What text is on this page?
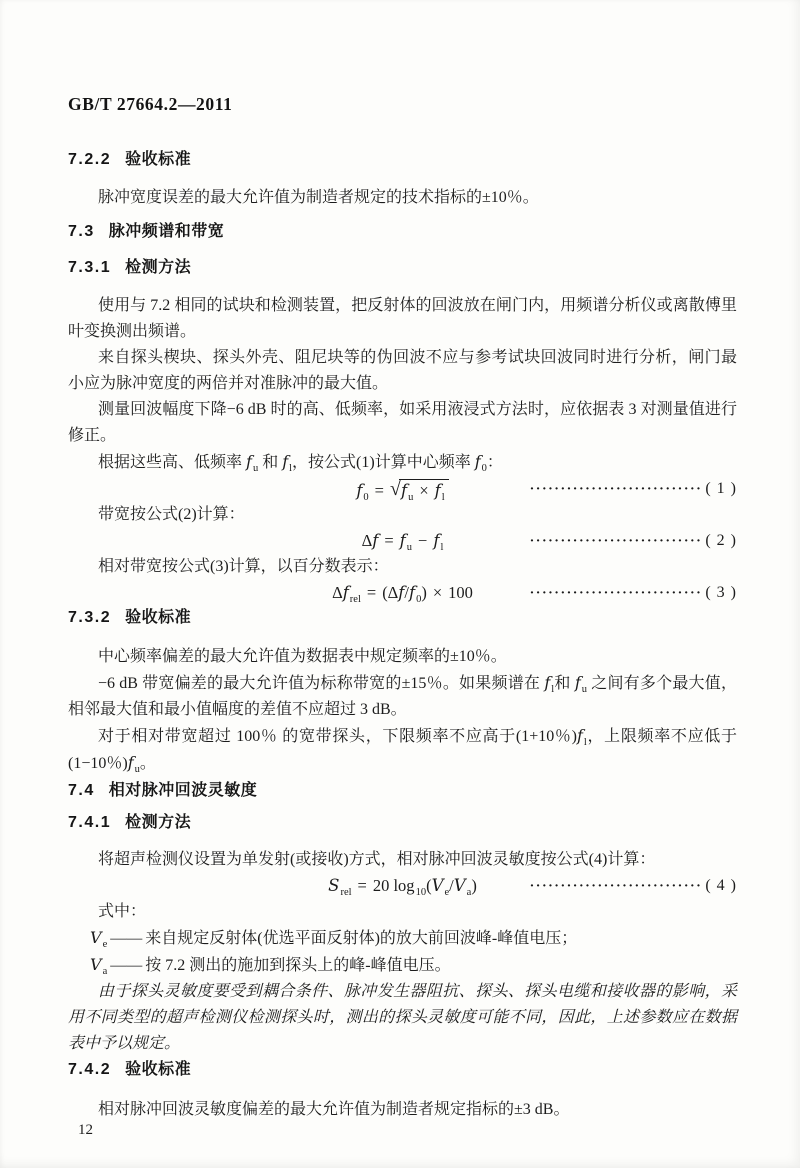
GB/T 27664.2—2011
7.2.2 验收标准

脉冲宽度误差的最大允许值为制造者规定的技术指标的±10％。

7.3 脉冲频谱和带宽
7.3.1 检测方法

使用与 7.2 相同的试块和检测装置，把反射体的回波放在闸门内，用频谱分析仪或离散傅里叶变换测出频谱。

来自探头楔块、探头外壳、阻尼块等的伪回波不应与参考试块回波同时进行分析，闸门最小应为脉冲宽度的两倍并对准脉冲的最大值。

测量回波幅度下降−6 dB 时的高、低频率，如采用液浸式方法时，应依据表 3 对测量值进行修正。

根据这些高、低频率 $f_u$ 和 $f_l$，按公式(1)计算中心频率 $f_0$：

$f_0 = √f_u \times f_l$
···························· ( 1 )

带宽按公式(2)计算：

$\Delta f = f_u - f_l$	···························· ( 2 )

相对带宽按公式(3)计算，以百分数表示：

$\Delta f_{rel} = (\Delta f/f_0) \times 100$	···························· ( 3 )
7.3.2 验收标准

中心频率偏差的最大允许值为数据表中规定频率的±10％。

−6 dB 带宽偏差的最大允许值为标称带宽的±15％。如果频谱在 $f_l$和 $f_u$ 之间有多个最大值，相邻最大值和最小值幅度的差值不应超过 3 dB。

对于相对带宽超过 100％ 的宽带探头，下限频率不应高于(1+10％)$f_l$，上限频率不应低于(1−10％)$f_u$。

7.4 相对脉冲回波灵敏度
7.4.1 检测方法

将超声检测仪设置为单发射(或接收)方式，相对脉冲回波灵敏度按公式(4)计算：

$S_{rel} = 20$ $\log_{10}(V_e/V_a)$	···························· ( 4 )

式中：

$V_e$ —— 来自规定反射体(优选平面反射体)的放大前回波峰-峰值电压；

$V_a$ —— 按 7.2 测出的施加到探头上的峰-峰值电压。

由于探头灵敏度要受到耦合条件、脉冲发生器阻抗、探头、探头电缆和接收器的影响，采用不同类型的超声检测仪检测探头时，测出的探头灵敏度可能不同，因此，上述参数应在数据表中予以规定。

7.4.2 验收标准

相对脉冲回波灵敏度偏差的最大允许值为制造者规定指标的±3 dB。

12
